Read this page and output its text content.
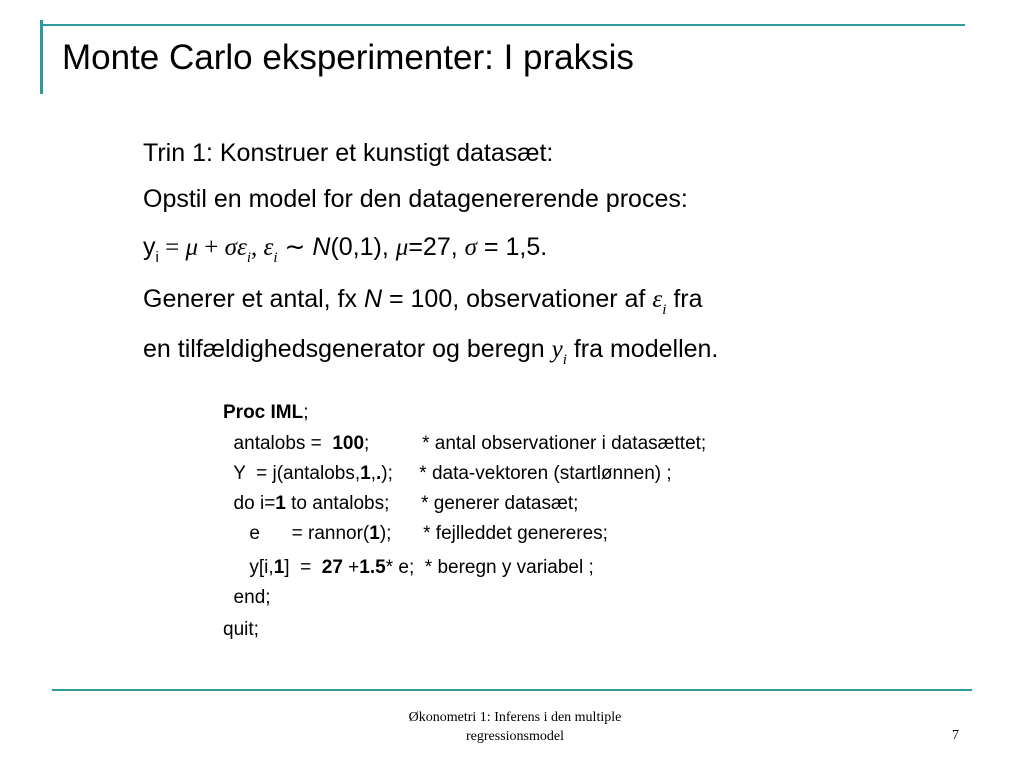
Monte Carlo eksperimenter: I praksis
Trin 1: Konstruer et kunstigt datasæt:
Opstil en model for den datagenererende proces:
$y_i = \mu + \sigma\varepsilon_i$, $\varepsilon_i$ ∼ N(0,1), μ=27, σ = 1,5.
Generer et antal, fx N = 100, observationer af $\varepsilon_i$ fra
en tilfældighedsgenerator og beregn $y_i$ fra modellen.
Proc IML;
antalobs =  100;          * antal observationer i datasættet;
Y  = j(antalobs,1,.);     * data-vektoren (startlønnen) ;
do i=1 to antalobs;      * generer datasæt;
e      = rannor(1);      * fejlleddet genereres;
y[i,1]  =  27 +1.5* e;  * beregn y variabel ;
end;
quit;
Økonometri 1: Inferens i den multiple
regressionsmodel	7
